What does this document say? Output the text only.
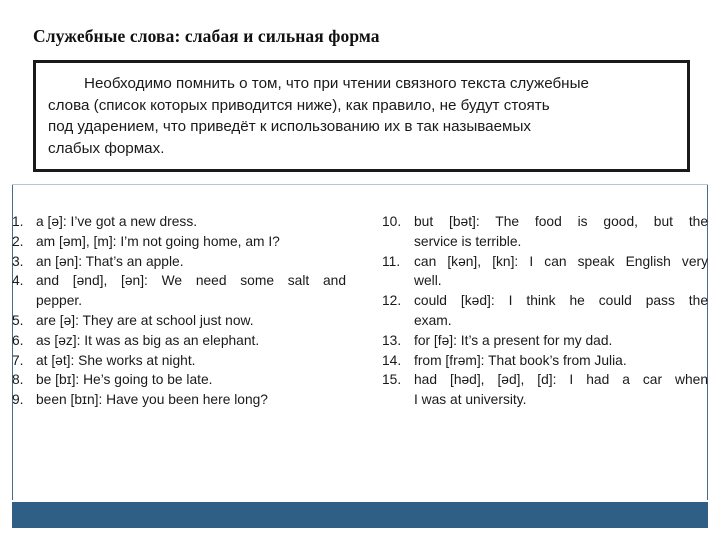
Служебные слова: слабая и сильная форма
Необходимо помнить о том, что при чтении связного текста служебные
слова (список которых приводится ниже), как правило, не будут стоять
под ударением, что приведёт к использованию их в так называемых
слабых формах.
1. a [ə]: I’ve got a new dress.
2. am [əm], [m]: I’m not going home, am I?
3. an [ən]: That’s an apple.
4. and [ənd], [ən]: We need some salt and
pepper.
5. are [ə]: They are at school just now.
6. as [əz]: It was as big as an elephant.
7. at [ət]: She works at night.
8. be [bɪ]: He’s going to be late.
9. been [bɪn]: Have you been here long?
10. but [bət]: The food is good, but the
service is terrible.
11.	can [kən], [kn]: I can speak English very
well.
12. could [kəd]: I think he could pass the
exam.
13. for [fə]: It’s a present for my dad.
14. from [frəm]: That book’s from Julia.
15. had [həd], [əd], [d]: I had a car when
I was at university.
